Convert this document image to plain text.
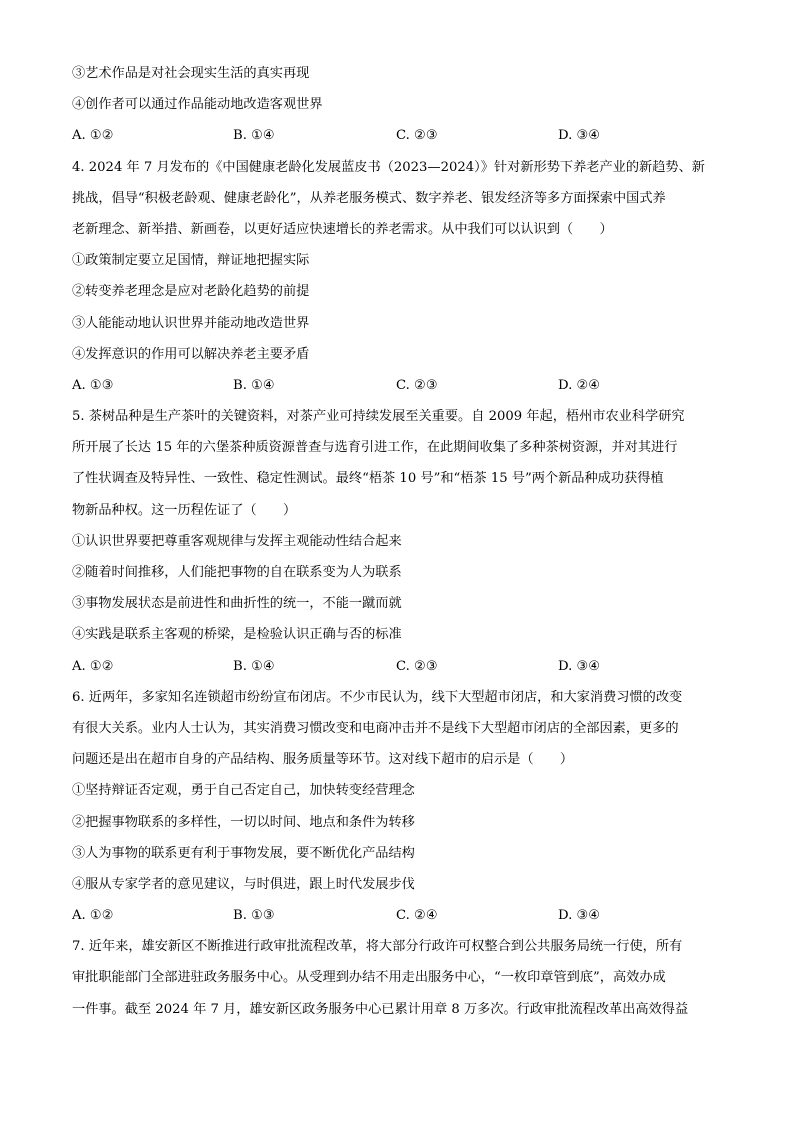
③艺术作品是对社会现实生活的真实再现
④创作者可以通过作品能动地改造客观世界
A. ①②	B. ①④	C. ②③	D. ③④
4. 2024 年 7 月发布的《中国健康老龄化发展蓝皮书（2023—2024）》针对新形势下养老产业的新趋势、新
挑战，倡导“积极老龄观、健康老龄化”，从养老服务模式、数字养老、银发经济等多方面探索中国式养
老新理念、新举措、新画卷，以更好适应快速增长的养老需求。从中我们可以认识到（　　）
①政策制定要立足国情，辩证地把握实际
②转变养老理念是应对老龄化趋势的前提
③人能能动地认识世界并能动地改造世界
④发挥意识的作用可以解决养老主要矛盾
A. ①③	B. ①④	C. ②③	D. ②④
5. 茶树品种是生产茶叶的关键资料，对茶产业可持续发展至关重要。自 2009 年起，梧州市农业科学研究
所开展了长达 15 年的六堡茶种质资源普查与选育引进工作，在此期间收集了多种茶树资源，并对其进行
了性状调查及特异性、一致性、稳定性测试。最终“梧茶 10 号”和“梧茶 15 号”两个新品种成功获得植
物新品种权。这一历程佐证了（　　）
①认识世界要把尊重客观规律与发挥主观能动性结合起来
②随着时间推移，人们能把事物的自在联系变为人为联系
③事物发展状态是前进性和曲折性的统一，不能一蹴而就
④实践是联系主客观的桥梁，是检验认识正确与否的标准
A. ①②	B. ①④	C. ②③	D. ③④
6. 近两年，多家知名连锁超市纷纷宣布闭店。不少市民认为，线下大型超市闭店，和大家消费习惯的改变
有很大关系。业内人士认为，其实消费习惯改变和电商冲击并不是线下大型超市闭店的全部因素，更多的
问题还是出在超市自身的产品结构、服务质量等环节。这对线下超市的启示是（　　）
①坚持辩证否定观，勇于自己否定自己，加快转变经营理念
②把握事物联系的多样性，一切以时间、地点和条件为转移
③人为事物的联系更有利于事物发展，要不断优化产品结构
④服从专家学者的意见建议，与时俱进，跟上时代发展步伐
A. ①②	B. ①③	C. ②④	D. ③④
7. 近年来，雄安新区不断推进行政审批流程改革，将大部分行政许可权整合到公共服务局统一行使，所有
审批职能部门全部进驻政务服务中心。从受理到办结不用走出服务中心，“一枚印章管到底”，高效办成
一件事。截至 2024 年 7 月，雄安新区政务服务中心已累计用章 8 万多次。行政审批流程改革出高效得益
